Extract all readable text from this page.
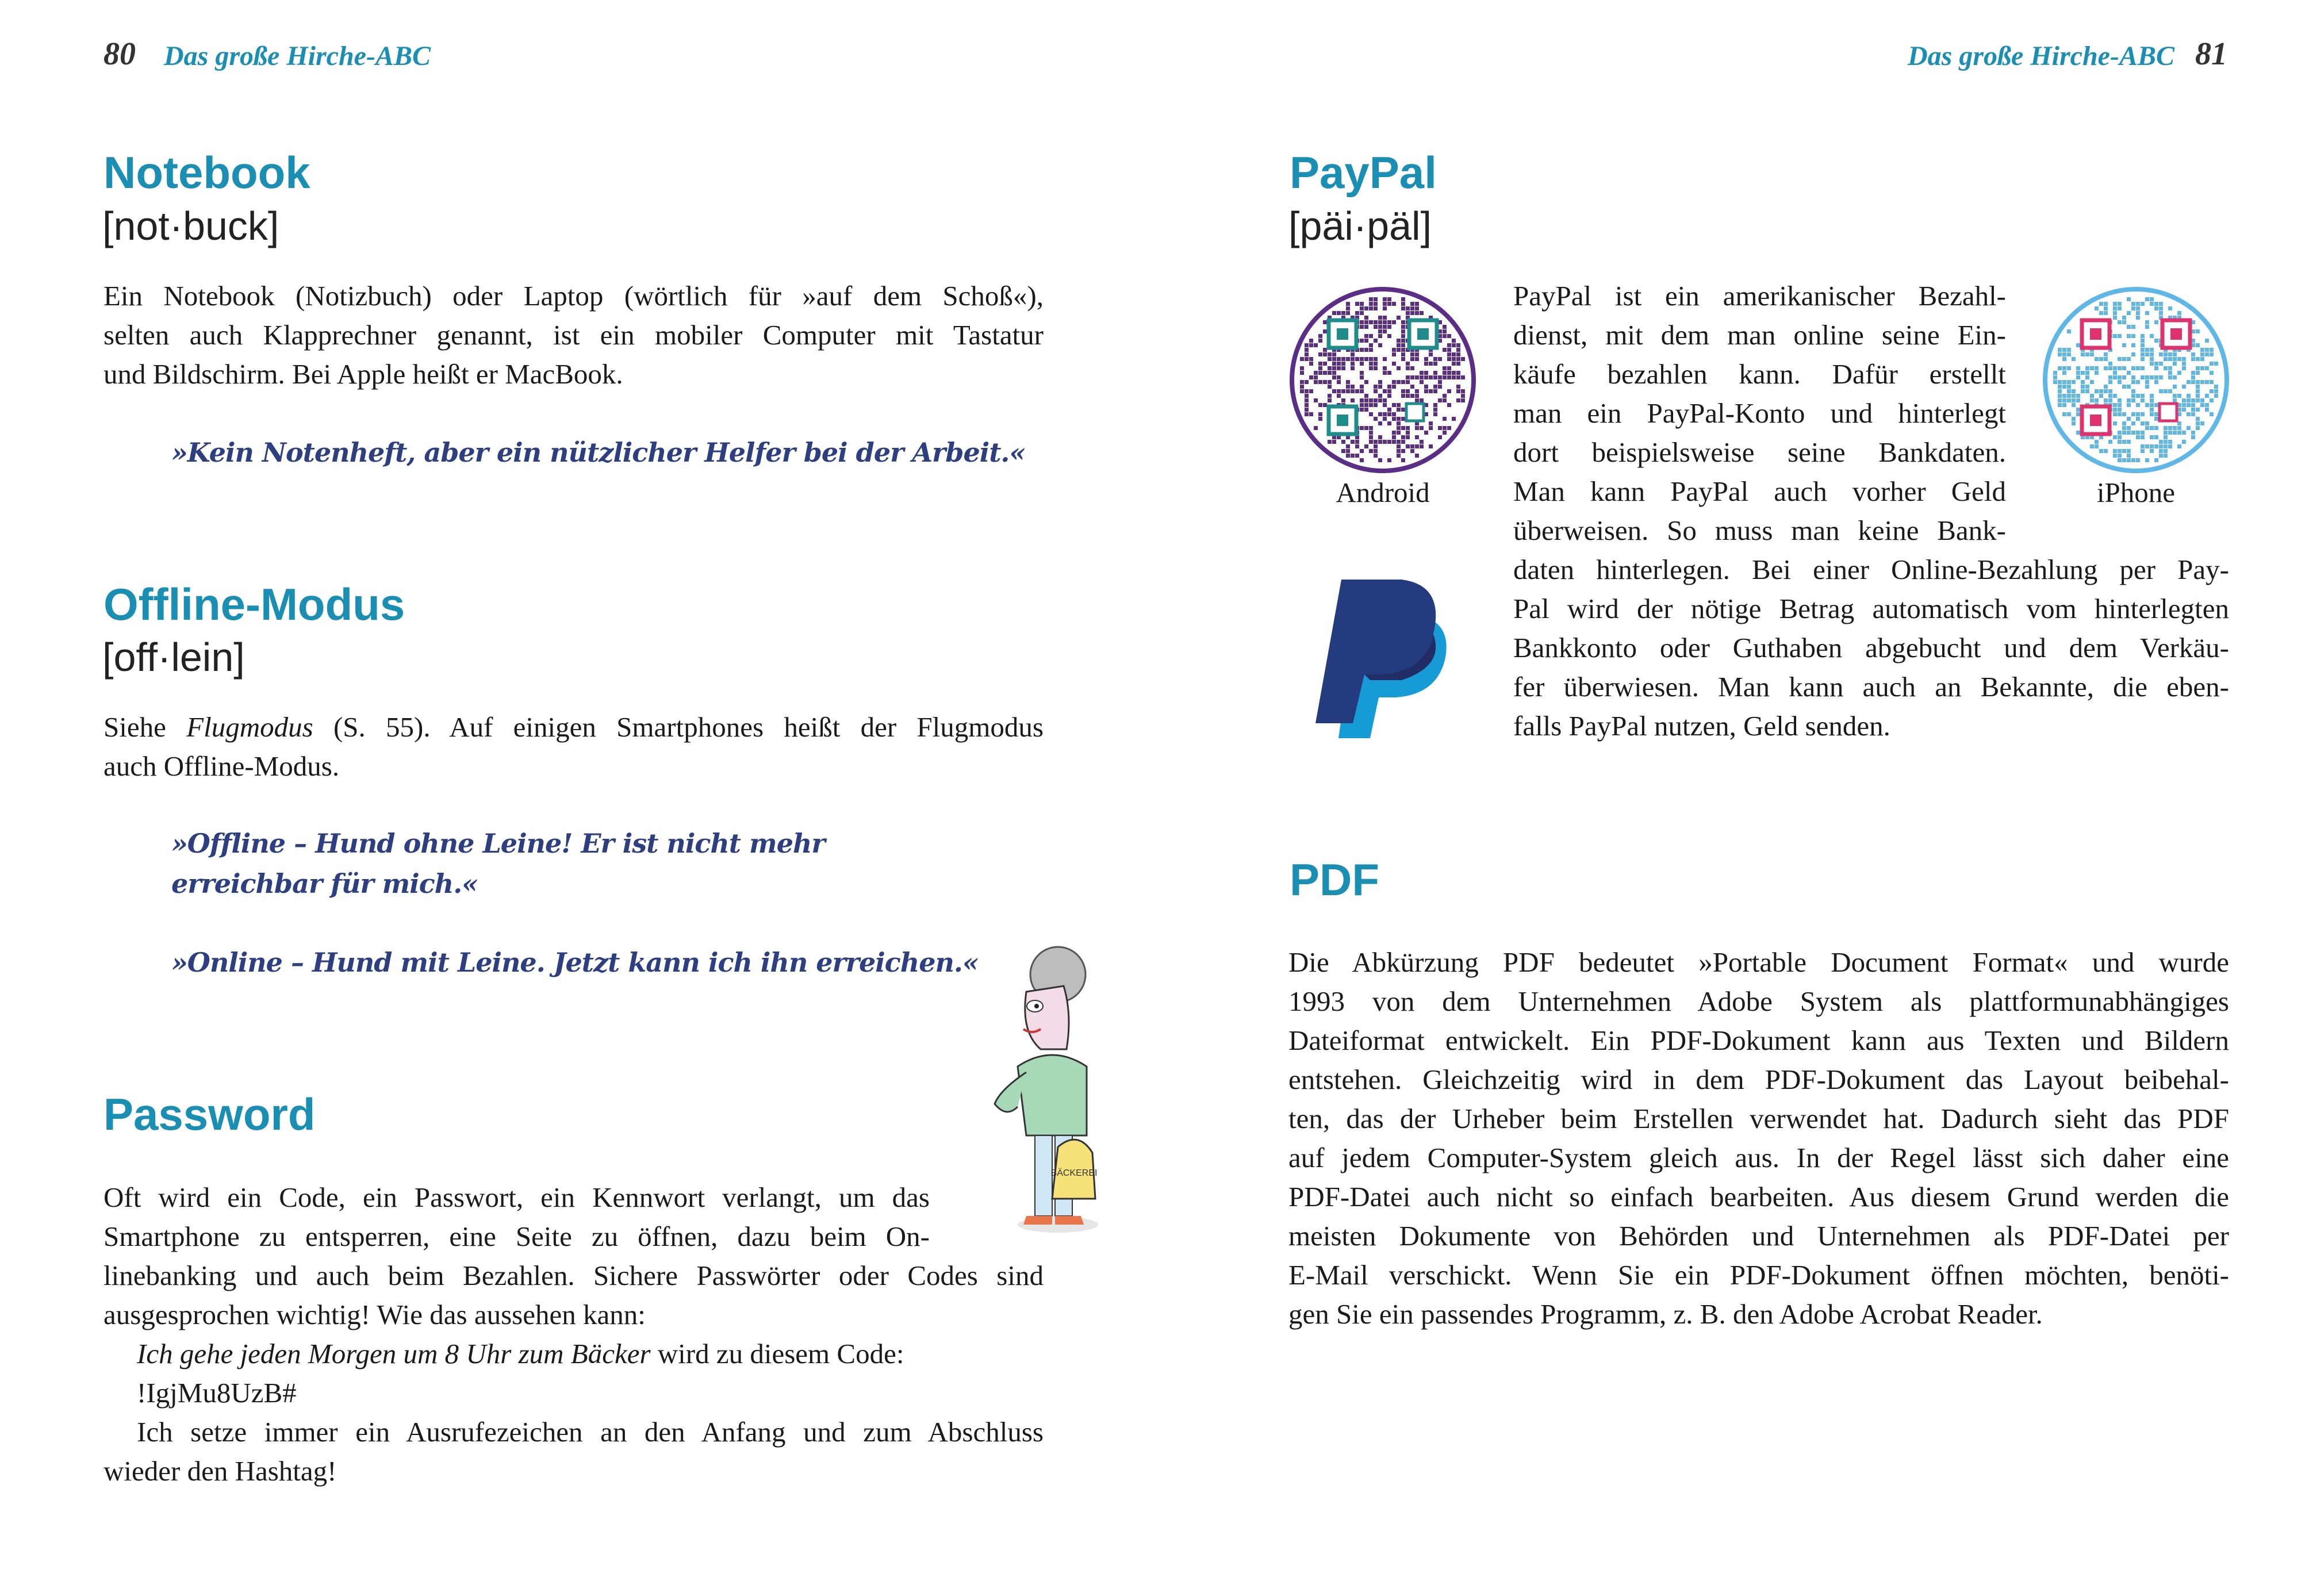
80 Das große Hirche-ABC
Notebook
[not·buck]
Ein Notebook (Notizbuch) oder Laptop (wörtlich für »auf dem Schoß«),
selten auch Klapprechner genannt, ist ein mobiler Computer mit Tastatur
und Bildschirm. Bei Apple heißt er MacBook.
»Kein Notenheft, aber ein nützlicher Helfer bei der Arbeit.«
Offline-Modus
[off·lein]
Siehe Flugmodus (S. 55). Auf einigen Smartphones heißt der Flugmodus
auch Offline-Modus.
»Offline – Hund ohne Leine! Er ist nicht mehr
erreichbar für mich.«
»Online – Hund mit Leine. Jetzt kann ich ihn erreichen.«
BÄCKEREI
Password
Oft wird ein Code, ein Passwort, ein Kennwort verlangt, um das
Smartphone zu entsperren, eine Seite zu öffnen, dazu beim On-
linebanking und auch beim Bezahlen. Sichere Passwörter oder Codes sind
ausgesprochen wichtig! Wie das aussehen kann:
Ich gehe jeden Morgen um 8 Uhr zum Bäcker wird zu diesem Code:
!IgjMu8UzB#
Ich setze immer ein Ausrufezeichen an den Anfang und zum Abschluss
wieder den Hashtag!
Das große Hirche-ABC 81
PayPal
[päi·päl]
Android	iPhone
PayPal ist ein amerikanischer Bezahl-
dienst, mit dem man online seine Ein-
käufe bezahlen kann. Dafür erstellt
man ein PayPal-Konto und hinterlegt
dort beispielsweise seine Bankdaten.
Man kann PayPal auch vorher Geld
überweisen. So muss man keine Bank-
daten hinterlegen. Bei einer Online-Bezahlung per Pay-
Pal wird der nötige Betrag automatisch vom hinterlegten
Bankkonto oder Guthaben abgebucht und dem Verkäu-
fer überwiesen. Man kann auch an Bekannte, die eben-
falls PayPal nutzen, Geld senden.
PDF
Die Abkürzung PDF bedeutet »Portable Document Format« und wurde
1993 von dem Unternehmen Adobe System als plattformunabhängiges
Dateiformat entwickelt. Ein PDF-Dokument kann aus Texten und Bildern
entstehen. Gleichzeitig wird in dem PDF-Dokument das Layout beibehal-
ten, das der Urheber beim Erstellen verwendet hat. Dadurch sieht das PDF
auf jedem Computer-System gleich aus. In der Regel lässt sich daher eine
PDF-Datei auch nicht so einfach bearbeiten. Aus diesem Grund werden die
meisten Dokumente von Behörden und Unternehmen als PDF-Datei per
E-Mail verschickt. Wenn Sie ein PDF-Dokument öffnen möchten, benöti-
gen Sie ein passendes Programm, z. B. den Adobe Acrobat Reader.
